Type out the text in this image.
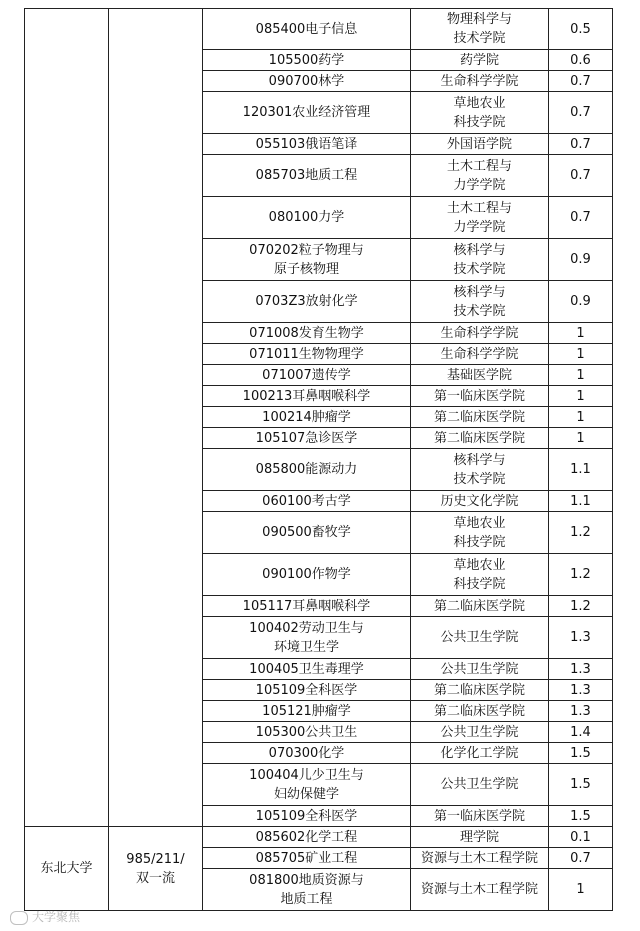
		085400电子信息	物理科学与
技术学院	0.5

		105500药学	药学院	0.6

		090700林学	生命科学学院	0.7

		120301农业经济管理	草地农业
科技学院	0.7

		055103俄语笔译	外国语学院	0.7

		085703地质工程	土木工程与
力学学院	0.7

		080100力学	土木工程与
力学学院	0.7

		070202粒子物理与
原子核物理	核科学与
技术学院	0.9

		0703Z3放射化学	核科学与
技术学院	0.9

		071008发育生物学	生命科学学院	1

		071011生物物理学	生命科学学院	1

		071007遗传学	基础医学院	1

		100213耳鼻咽喉科学	第一临床医学院	1

		100214肿瘤学	第二临床医学院	1

		105107急诊医学	第二临床医学院	1

		085800能源动力	核科学与
技术学院	1.1

		060100考古学	历史文化学院	1.1

		090500畜牧学	草地农业
科技学院	1.2

		090100作物学	草地农业
科技学院	1.2

		105117耳鼻咽喉科学	第二临床医学院	1.2

		100402劳动卫生与
环境卫生学	公共卫生学院	1.3

		100405卫生毒理学	公共卫生学院	1.3

		105109全科医学	第二临床医学院	1.3

		105121肿瘤学	第二临床医学院	1.3

		105300公共卫生	公共卫生学院	1.4

		070300化学	化学化工学院	1.5

		100404儿少卫生与
妇幼保健学	公共卫生学院	1.5

		105109全科医学	第一临床医学院	1.5
东北大学	985/211/
双一流	085602化学工程	理学院	0.1

		085705矿业工程	资源与土木工程学院	0.7

		081800地质资源与
地质工程	资源与土木工程学院	1
大学聚焦
